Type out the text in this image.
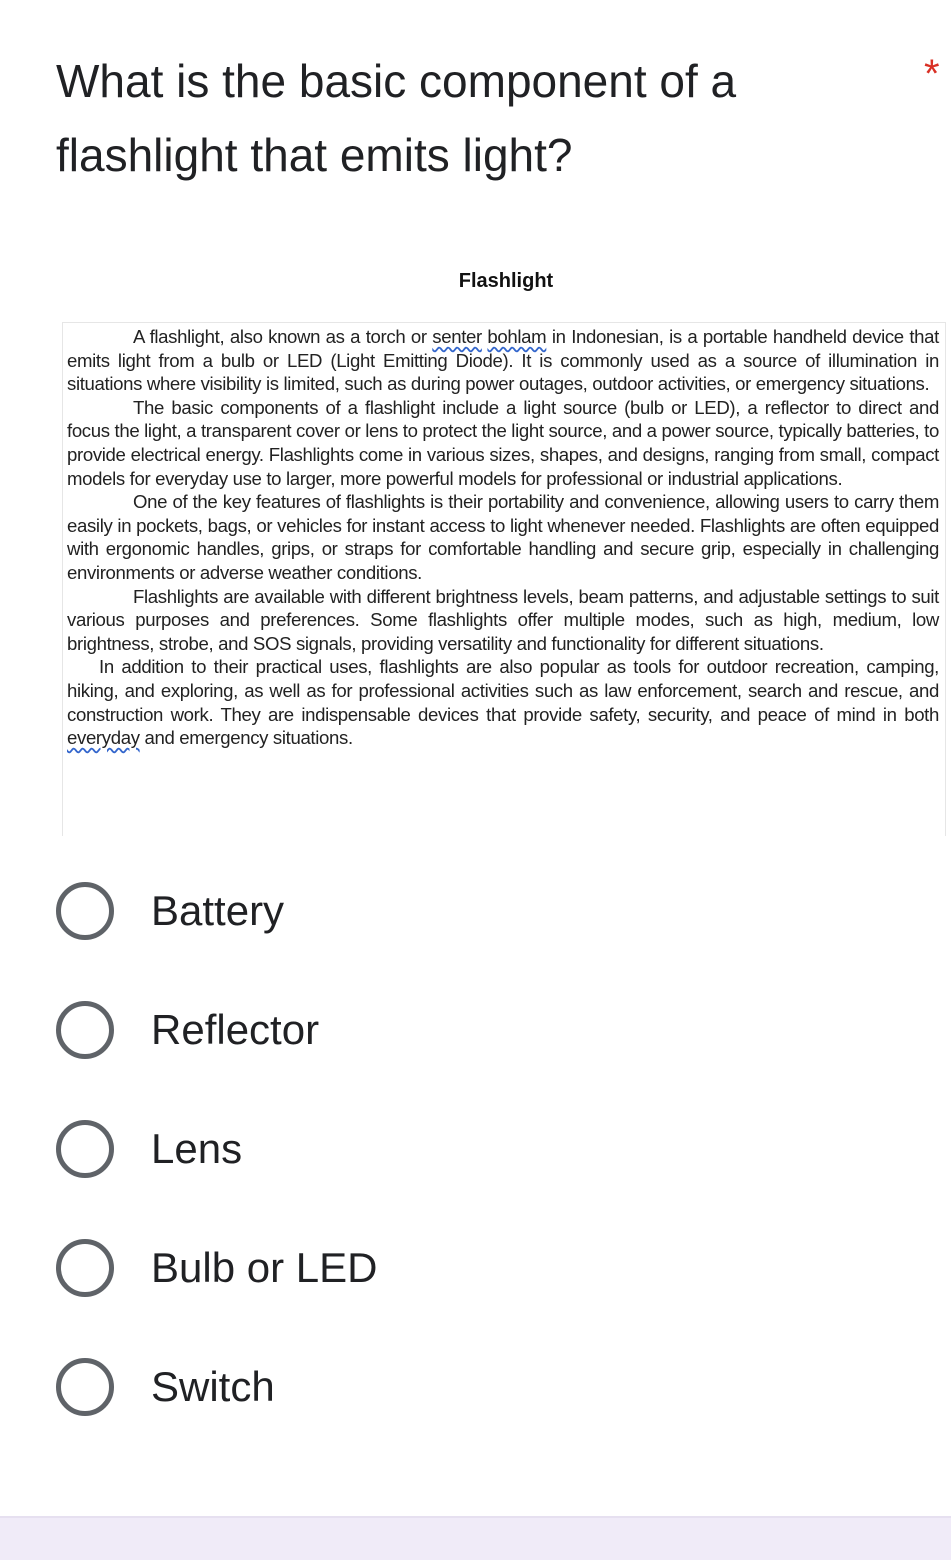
What is the basic component of a flashlight that emits light?
*
Flashlight

A flashlight, also known as a torch or senter bohlam in Indonesian, is a portable handheld device that emits light from a bulb or LED (Light Emitting Diode). It is commonly used as a source of illumination in situations where visibility is limited, such as during power outages, outdoor activities, or emergency situations.

The basic components of a flashlight include a light source (bulb or LED), a reflector to direct and focus the light, a transparent cover or lens to protect the light source, and a power source, typically batteries, to provide electrical energy. Flashlights come in various sizes, shapes, and designs, ranging from small, compact models for everyday use to larger, more powerful models for professional or industrial applications.

One of the key features of flashlights is their portability and convenience, allowing users to carry them easily in pockets, bags, or vehicles for instant access to light whenever needed. Flashlights are often equipped with ergonomic handles, grips, or straps for comfortable handling and secure grip, especially in challenging environments or adverse weather conditions.

Flashlights are available with different brightness levels, beam patterns, and adjustable settings to suit various purposes and preferences. Some flashlights offer multiple modes, such as high, medium, low brightness, strobe, and SOS signals, providing versatility and functionality for different situations.

In addition to their practical uses, flashlights are also popular as tools for outdoor recreation, camping, hiking, and exploring, as well as for professional activities such as law enforcement, search and rescue, and construction work. They are indispensable devices that provide safety, security, and peace of mind in both everyday and emergency situations.

Battery
Reflector
Lens
Bulb or LED
Switch
